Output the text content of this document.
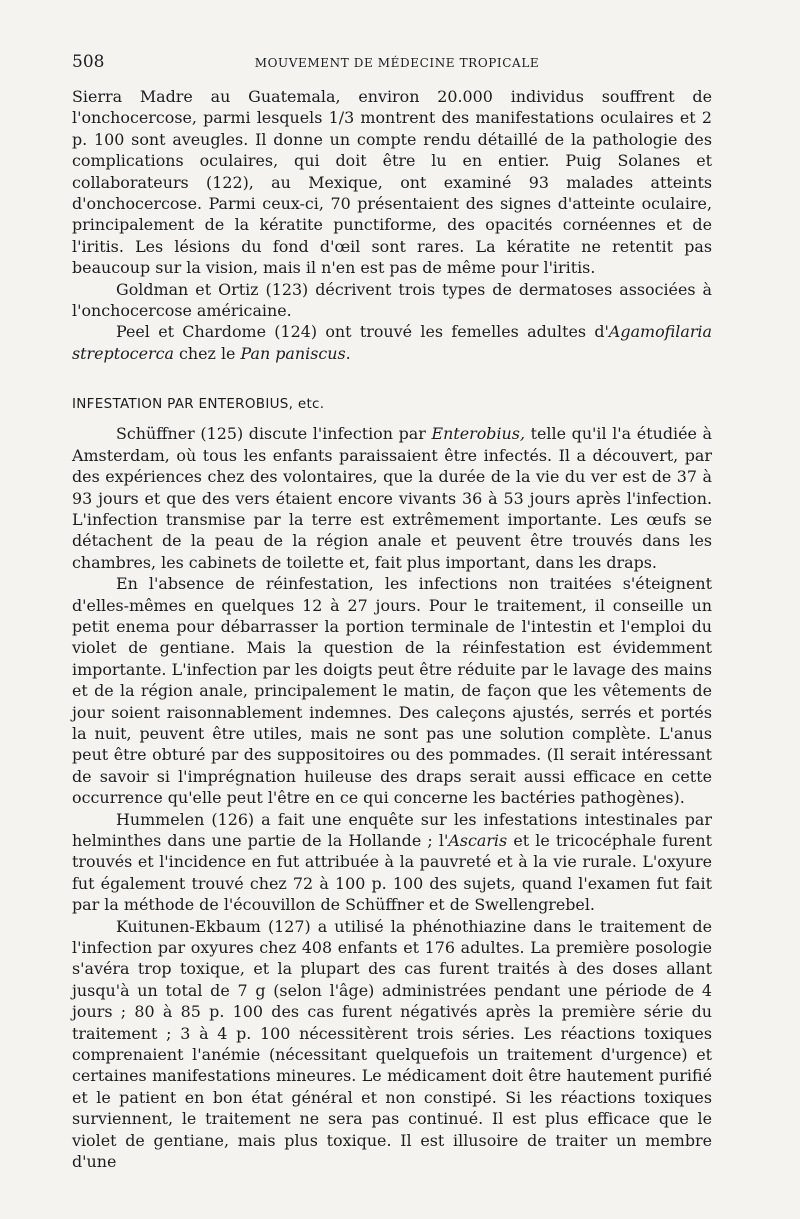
508	MOUVEMENT DE MÉDECINE TROPICALE

Sierra Madre au Guatemala, environ 20.000 individus souffrent de l'onchocercose, parmi lesquels 1/3 montrent des manifestations oculaires et 2 p. 100 sont aveugles. Il donne un compte rendu détaillé de la pathologie des complications oculaires, qui doit être lu en entier. Puig Solanes et collaborateurs (122), au Mexique, ont examiné 93 malades atteints d'onchocercose. Parmi ceux-ci, 70 présentaient des signes d'atteinte oculaire, principalement de la kératite punctiforme, des opacités cornéennes et de l'iritis. Les lésions du fond d'œil sont rares. La kératite ne retentit pas beaucoup sur la vision, mais il n'en est pas de même pour l'iritis.

Goldman et Ortiz (123) décrivent trois types de dermatoses associées à l'onchocercose américaine.

Peel et Chardome (124) ont trouvé les femelles adultes d'Agamofilaria streptocerca chez le Pan paniscus.

INFESTATION PAR ENTEROBIUS, etc.

Schüffner (125) discute l'infection par Enterobius, telle qu'il l'a étudiée à Amsterdam, où tous les enfants paraissaient être infectés. Il a découvert, par des expériences chez des volontaires, que la durée de la vie du ver est de 37 à 93 jours et que des vers étaient encore vivants 36 à 53 jours après l'infection. L'infection transmise par la terre est extrêmement importante. Les œufs se détachent de la peau de la région anale et peuvent être trouvés dans les chambres, les cabinets de toilette et, fait plus important, dans les draps.

En l'absence de réinfestation, les infections non traitées s'éteignent d'elles-mêmes en quelques 12 à 27 jours. Pour le traitement, il conseille un petit enema pour débarrasser la portion terminale de l'intestin et l'emploi du violet de gentiane. Mais la question de la réinfestation est évidemment importante. L'infection par les doigts peut être réduite par le lavage des mains et de la région anale, principalement le matin, de façon que les vêtements de jour soient raisonnablement indemnes. Des caleçons ajustés, serrés et portés la nuit, peuvent être utiles, mais ne sont pas une solution complète. L'anus peut être obturé par des suppositoires ou des pommades. (Il serait intéressant de savoir si l'imprégnation huileuse des draps serait aussi efficace en cette occurrence qu'elle peut l'être en ce qui concerne les bactéries pathogènes).

Hummelen (126) a fait une enquête sur les infestations intestinales par helminthes dans une partie de la Hollande ; l'Ascaris et le tricocéphale furent trouvés et l'incidence en fut attribuée à la pauvreté et à la vie rurale. L'oxyure fut également trouvé chez 72 à 100 p. 100 des sujets, quand l'examen fut fait par la méthode de l'écouvillon de Schüffner et de Swellengrebel.

Kuitunen-Ekbaum (127) a utilisé la phénothiazine dans le traitement de l'infection par oxyures chez 408 enfants et 176 adultes. La première posologie s'avéra trop toxique, et la plupart des cas furent traités à des doses allant jusqu'à un total de 7 g (selon l'âge) administrées pendant une période de 4 jours ; 80 à 85 p. 100 des cas furent négativés après la première série du traitement ; 3 à 4 p. 100 nécessitèrent trois séries. Les réactions toxiques comprenaient l'anémie (nécessitant quelquefois un traitement d'urgence) et certaines manifestations mineures. Le médicament doit être hautement purifié et le patient en bon état général et non constipé. Si les réactions toxiques surviennent, le traitement ne sera pas continué. Il est plus efficace que le violet de gentiane, mais plus toxique. Il est illusoire de traiter un membre d'une
